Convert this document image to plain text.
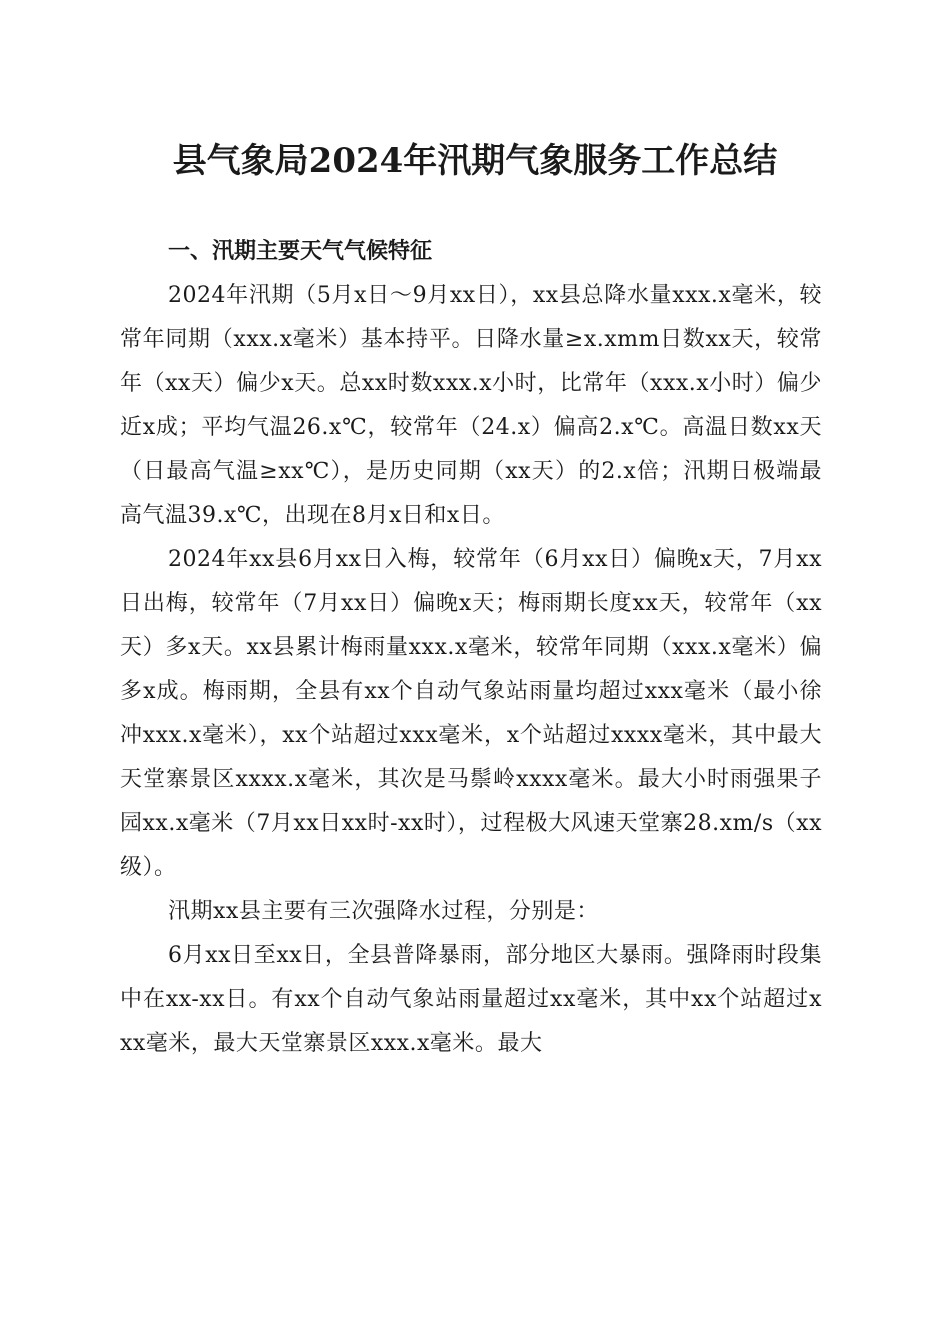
县气象局2024年汛期气象服务工作总结
一、汛期主要天气气候特征

2024年汛期（5月x日～9月xx日），xx县总降水量xxx.x毫米，较常年同期（xxx.x毫米）基本持平。日降水量≥x.xmm日数xx天，较常年（xx天）偏少x天。总xx时数xxx.x小时，比常年（xxx.x小时）偏少近x成；平均气温26.x℃，较常年（24.x）偏高2.x℃。高温日数xx天（日最高气温≥xx℃），是历史同期（xx天）的2.x倍；汛期日极端最高气温39.x℃，出现在8月x日和x日。

2024年xx县6月xx日入梅，较常年（6月xx日）偏晚x天，7月xx日出梅，较常年（7月xx日）偏晚x天；梅雨期长度xx天，较常年（xx天）多x天。xx县累计梅雨量xxx.x毫米，较常年同期（xxx.x毫米）偏多x成。梅雨期，全县有xx个自动气象站雨量均超过xxx毫米（最小徐冲xxx.x毫米），xx个站超过xxx毫米，x个站超过xxxx毫米，其中最大天堂寨景区xxxx.x毫米，其次是马鬃岭xxxx毫米。最大小时雨强果子园xx.x毫米（7月xx日xx时-xx时），过程极大风速天堂寨28.xm/s（xx级）。

汛期xx县主要有三次强降水过程，分别是：

6月xx日至xx日，全县普降暴雨，部分地区大暴雨。强降雨时段集中在xx-xx日。有xx个自动气象站雨量超过xx毫米，其中xx个站超过xxx毫米，最大天堂寨景区xxx.x毫米。最大
